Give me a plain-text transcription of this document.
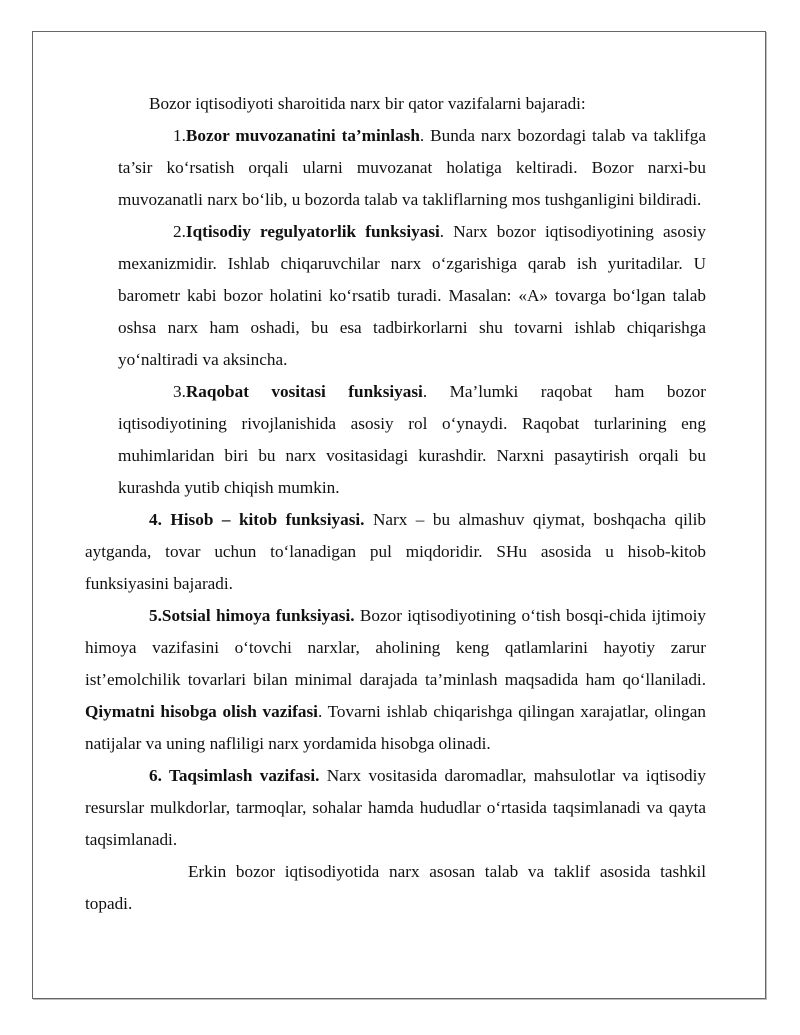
Bozor iqtisodiyoti sharoitida narx bir qator vazifalarni bajaradi:

1.Bozor muvozanatini ta’minlash. Bunda narx bozordagi talab va taklifga ta’sir ko‘rsatish orqali ularni muvozanat holatiga keltiradi. Bozor narxi-bu muvozanatli narx bo‘lib, u bozorda talab va takliflarning mos tushganligini bildiradi.

2.Iqtisodiy regulyatorlik funksiyasi. Narx bozor iqtisodiyotining asosiy mexanizmidir. Ishlab chiqaruvchilar narx o‘zgarishiga qarab ish yuritadilar. U barometr kabi bozor holatini ko‘rsatib turadi. Masalan: «A» tovarga bo‘lgan talab oshsa narx ham oshadi, bu esa tadbirkorlarni shu tovarni ishlab chiqarishga yo‘naltiradi va aksincha.

3.Raqobat vositasi funksiyasi. Ma’lumki raqobat ham bozor iqtisodiyotining rivojlanishida asosiy rol o‘ynaydi. Raqobat turlarining eng muhimlaridan biri bu narx vositasidagi kurashdir. Narxni pasaytirish orqali bu kurashda yutib chiqish mumkin.

4. Hisob – kitob funksiyasi. Narx – bu almashuv qiymat, boshqacha qilib aytganda, tovar uchun to‘lanadigan pul miqdoridir. SHu asosida u hisob-kitob funksiyasini bajaradi.

5.Sotsial himoya funksiyasi. Bozor iqtisodiyotining o‘tish bosqi-chida ijtimoiy himoya vazifasini o‘tovchi narxlar, aholining keng qatlamlarini hayotiy zarur ist’emolchilik tovarlari bilan minimal darajada ta’minlash maqsadida ham qo‘llaniladi. Qiymatni hisobga olish vazifasi. Tovarni ishlab chiqarishga qilingan xarajatlar, olingan natijalar va uning nafliligi narx yordamida hisobga olinadi.

6. Taqsimlash vazifasi. Narx vositasida daromadlar, mahsulotlar va iqtisodiy resurslar mulkdorlar, tarmoqlar, sohalar hamda hududlar o‘rtasida taqsimlanadi va qayta taqsimlanadi.

Erkin bozor iqtisodiyotida narx asosan talab va taklif asosida tashkil topadi.
